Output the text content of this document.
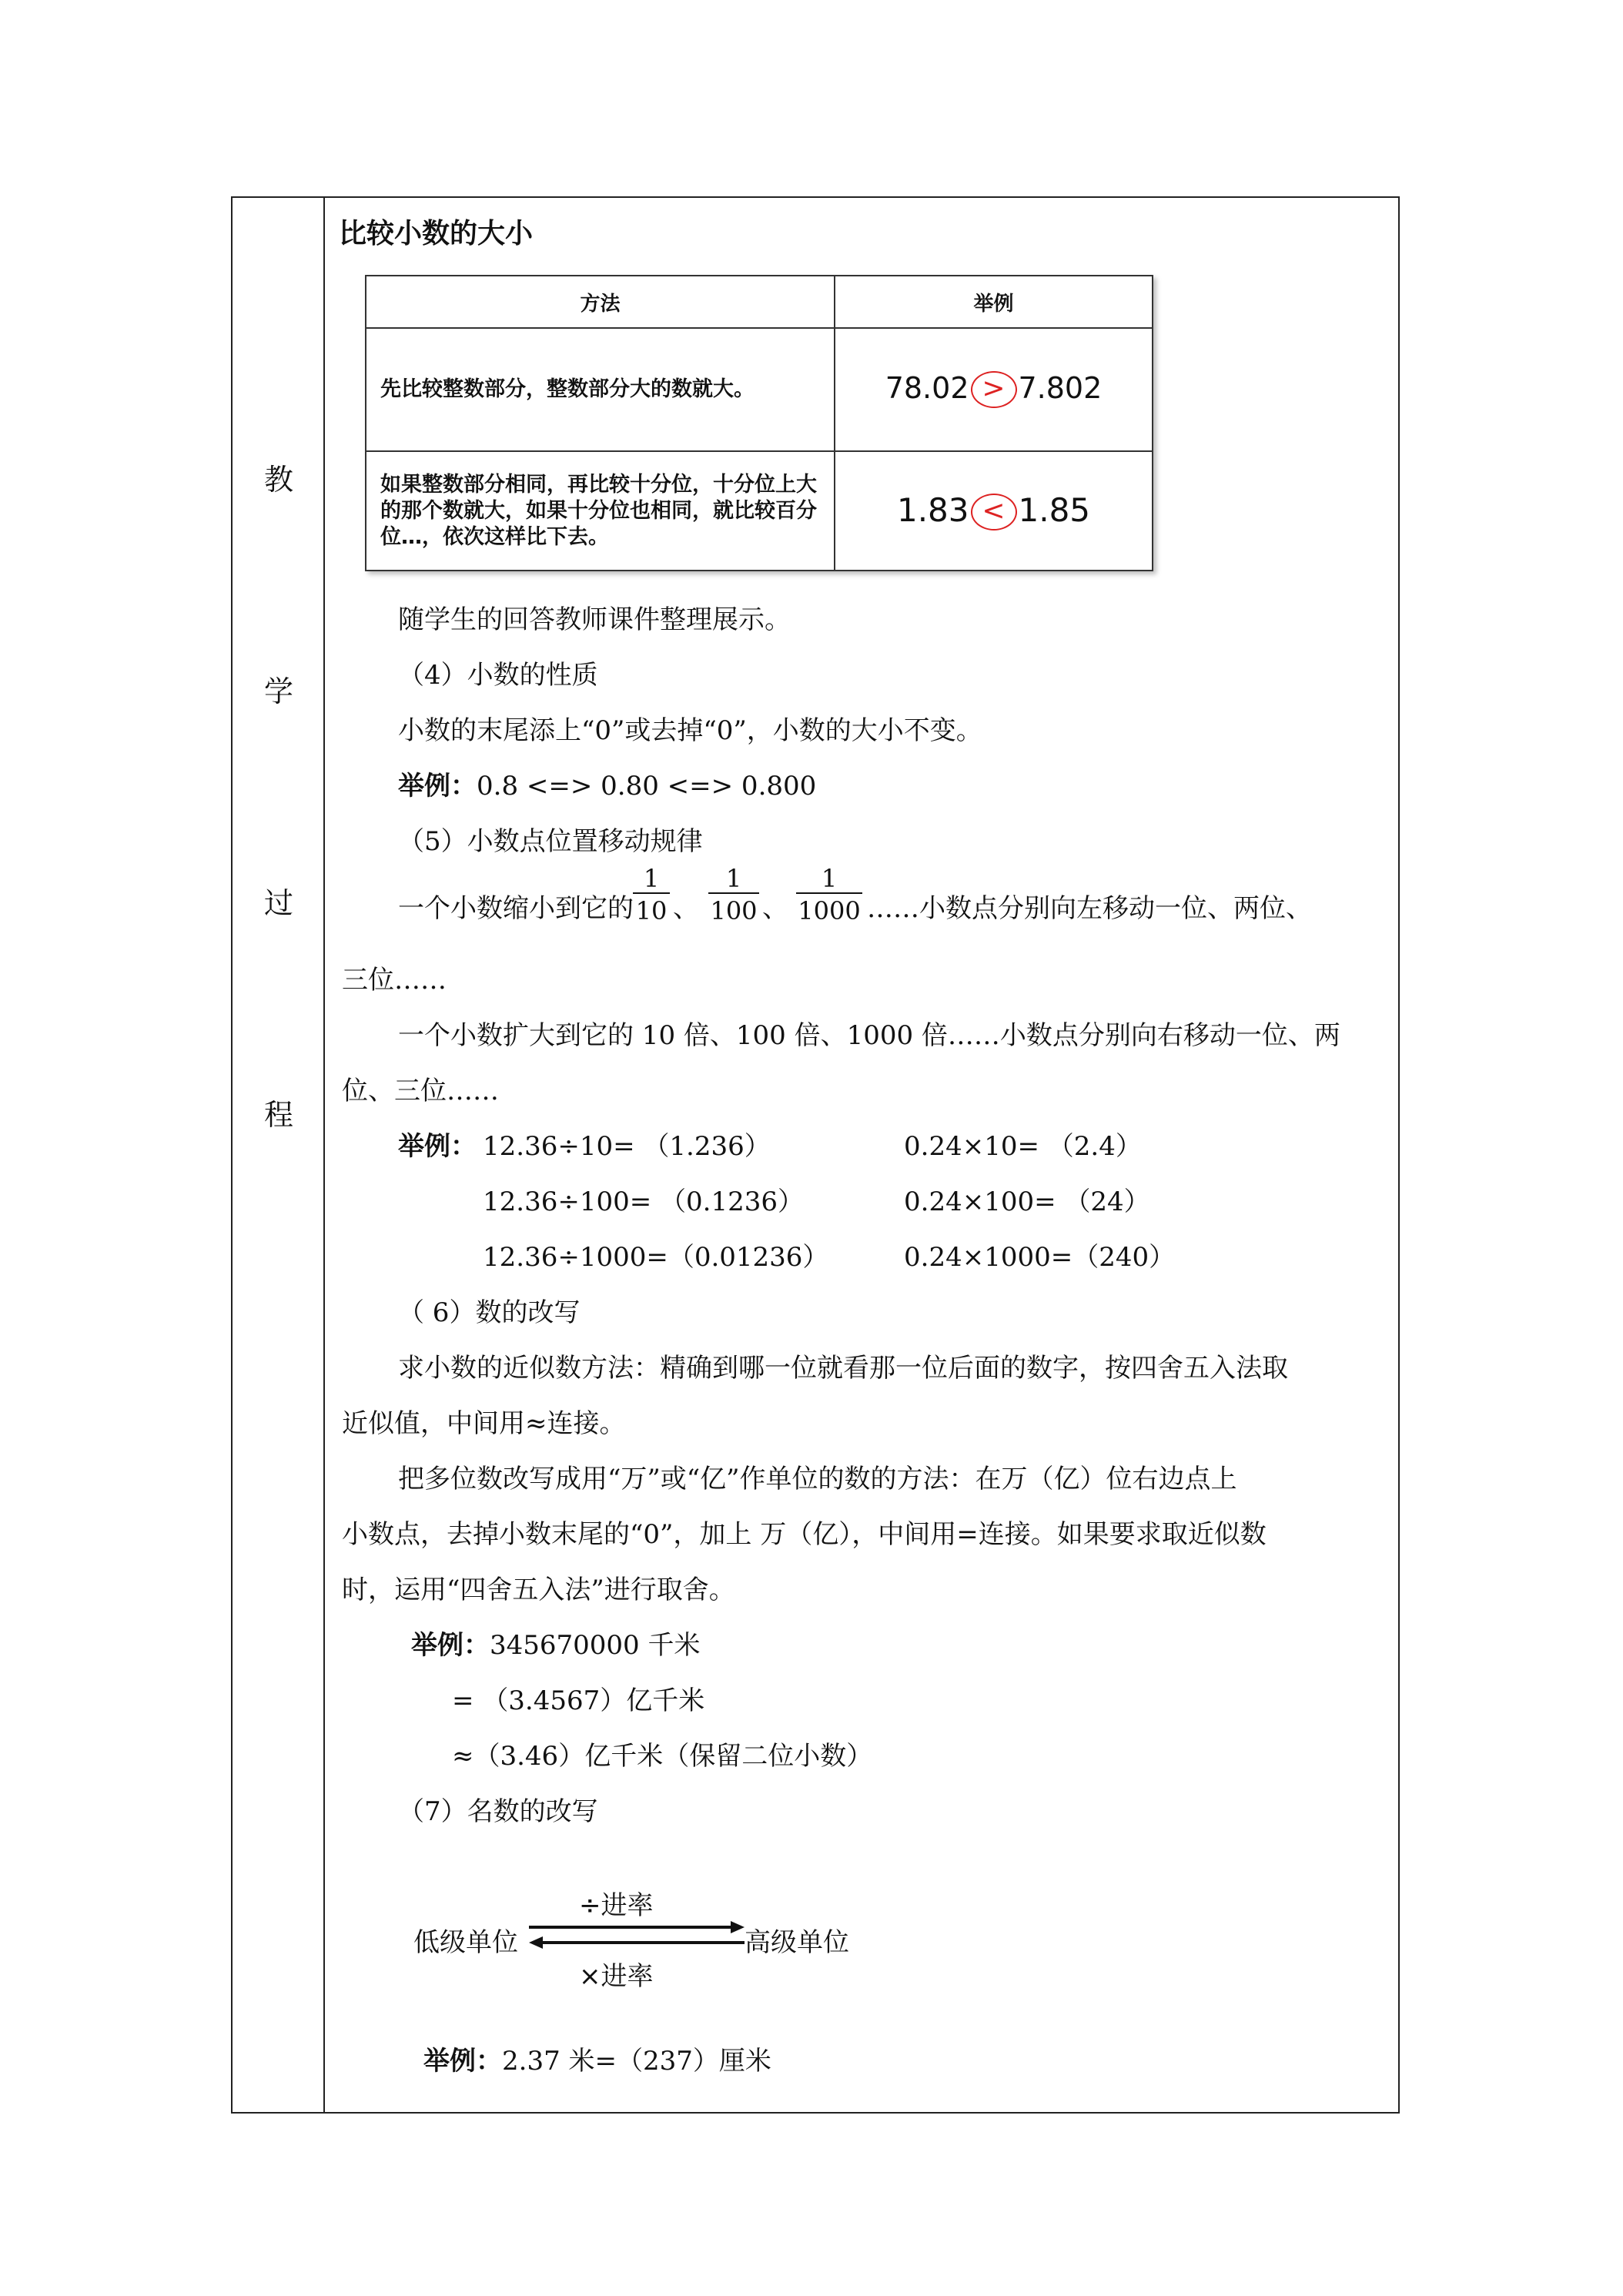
教
学
过
程
比较小数的大小
方法	举例
先比较整数部分，整数部分大的数就大。	78.02 > 7.802
如果整数部分相同，再比较十分位，十分位上大的那个数就大，如果十分位也相同，就比较百分位…，依次这样比下去。	1.83 < 1.85
随学生的回答教师课件整理展示。
（4）小数的性质
小数的末尾添上“0”或去掉“0”，小数的大小不变。
举例：0.8 <=> 0.80 <=> 0.800
（5）小数点位置移动规律
一个小数缩小到它的
1
10 、
1
100 、
1
1000 ……小数点分别向左移动一位、两位、
三位……
一个小数扩大到它的 10 倍、100 倍、1000 倍……小数点分别向右移动一位、两
位、三位……
举例： 12.36÷10= （1.236）	0.24×10= （2.4）
12.36÷100= （0.1236）	0.24×100= （24）
12.36÷1000=（0.01236）	0.24×1000=（240）
（ 6）数的改写
求小数的近似数方法：精确到哪一位就看那一位后面的数字，按四舍五入法取
近似值，中间用≈连接。
把多位数改写成用“万”或“亿”作单位的数的方法：在万（亿）位右边点上
小数点，去掉小数末尾的“0”，加上 万（亿），中间用=连接。如果要求取近似数
时，运用“四舍五入法”进行取舍。
举例：345670000 千米
= （3.4567）亿千米
≈（3.46）亿千米（保留二位小数）
（7）名数的改写
低级单位	高级单位
÷进率
×进率
举例：2.37 米=（237）厘米
